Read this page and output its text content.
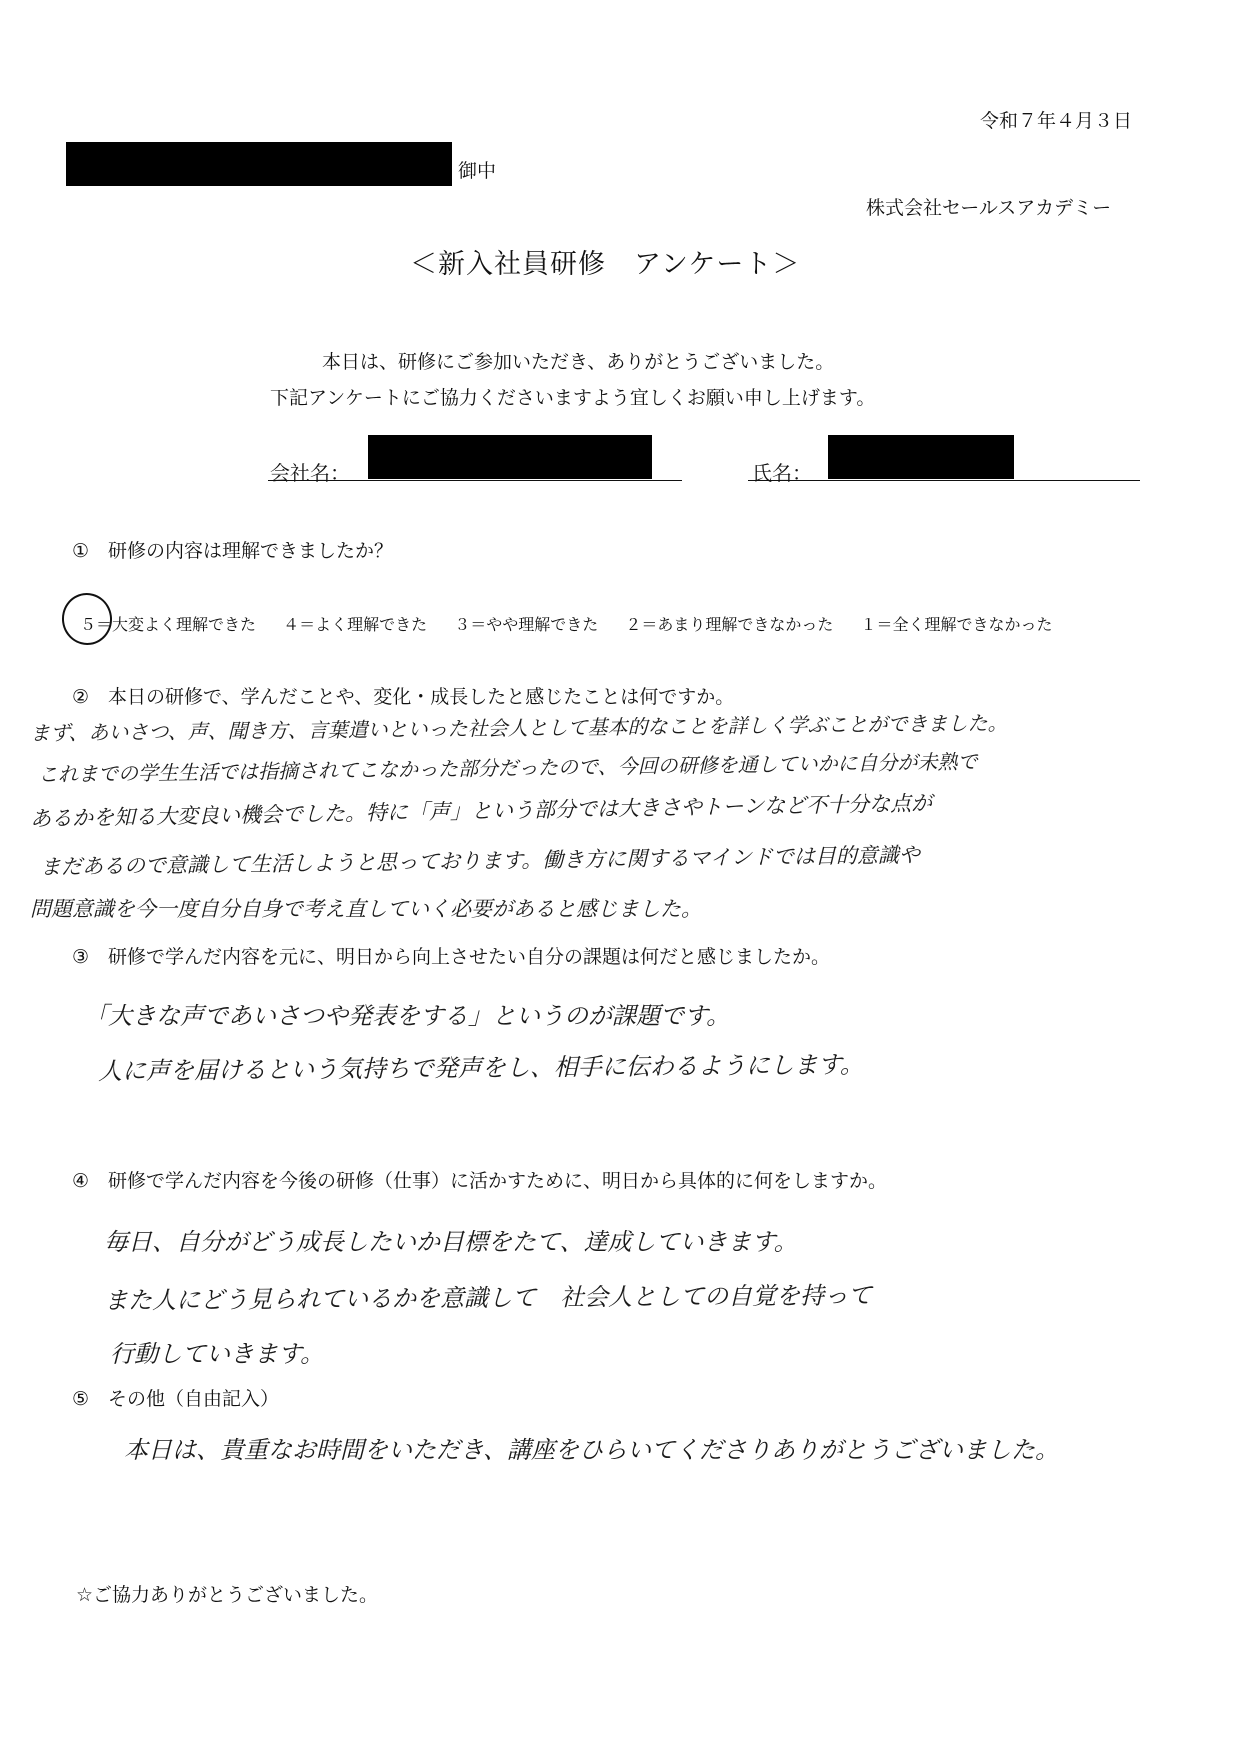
令和７年４月３日
御中
株式会社セールスアカデミー
＜新入社員研修　アンケート＞
本日は、研修にご参加いただき、ありがとうございました。
下記アンケートにご協力くださいますよう宜しくお願い申し上げます。
会社名：	氏名：
①　研修の内容は理解できましたか？
５＝大変よく理解できた ４＝よく理解できた ３＝やや理解できた ２＝あまり理解できなかった １＝全く理解できなかった
②　本日の研修で、学んだことや、変化・成長したと感じたことは何ですか。
まず、あいさつ、声、聞き方、言葉遣いといった社会人として基本的なことを詳しく学ぶことができました。
これまでの学生生活では指摘されてこなかった部分だったので、今回の研修を通していかに自分が未熟で
あるかを知る大変良い機会でした。特に「声」という部分では大きさやトーンなど不十分な点が
まだあるので意識して生活しようと思っております。働き方に関するマインドでは目的意識や
問題意識を今一度自分自身で考え直していく必要があると感じました。
③　研修で学んだ内容を元に、明日から向上させたい自分の課題は何だと感じましたか。
「大きな声であいさつや発表をする」というのが課題です。
人に声を届けるという気持ちで発声をし、相手に伝わるようにします。
④　研修で学んだ内容を今後の研修（仕事）に活かすために、明日から具体的に何をしますか。
毎日、自分がどう成長したいか目標をたて、達成していきます。
また人にどう見られているかを意識して　社会人としての自覚を持って
行動していきます。
⑤　その他（自由記入）
本日は、貴重なお時間をいただき、講座をひらいてくださりありがとうございました。
☆ご協力ありがとうございました。
